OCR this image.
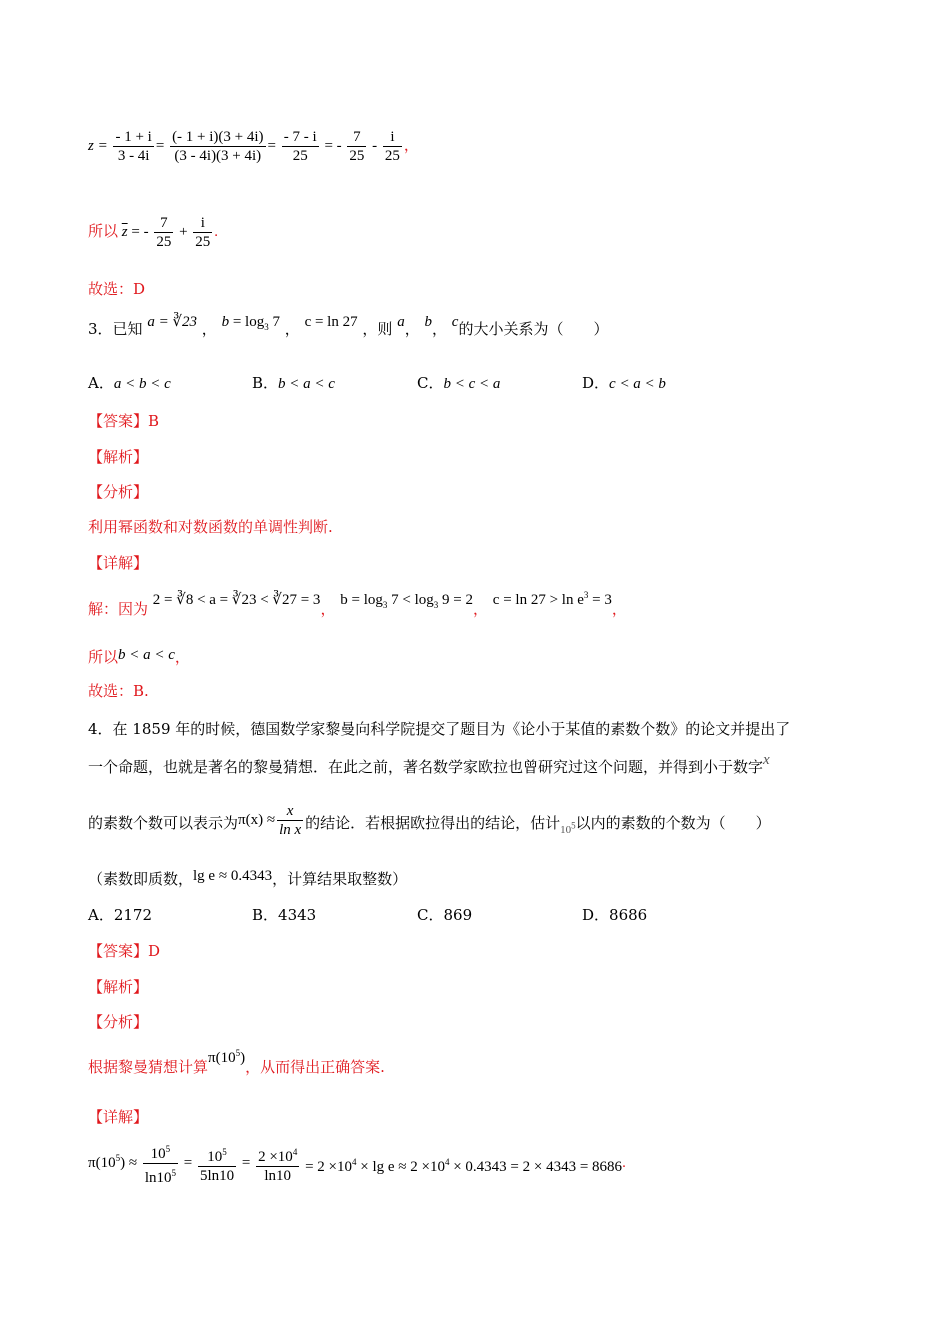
$z = \frac{- 1 + i}{3 - 4i} = \frac{(- 1 + i)(3 + 4i)}{(3 - 4i)(3 + 4i)} = \frac{- 7 - i}{25}$ = - $\frac{7}{25} - \frac{i}{25}$ ，
所以 $\overline{z}$ = - $\frac{7}{25} + \frac{i}{25}$ .
故选：D
3．已知 a = ∛23 ， $b = \log_3 7$ ， c = ln 27 ，则 a， b， c的大小关系为（　　）
A．a < b < c	B．b < a < c	C．b < c < a	D．c < a < b
【答案】B
【解析】
【分析】
利用幂函数和对数函数的单调性判断.
【详解】
解：因为 2 = ∛8 < a = ∛23 < ∛27 = 3， $b = \log_3 7 < \log_3 9 = 2$， $c = \ln 27 > \ln e^3 = 3$，
所以b < a < c，
故选：B.
4．在 1859 年的时候，德国数学家黎曼向科学院提交了题目为《论小于某值的素数个数》的论文并提出了
一个命题，也就是著名的黎曼猜想．在此之前，著名数学家欧拉也曾研究过这个问题，并得到小于数字x
的素数个数可以表示为$\pi(x) \approx \frac{x}{\text{ln x}}$ 的结论．若根据欧拉得出的结论，估计$_{10^5}$以内的素数的个数为（　　）
（素数即质数，lg e ≈ 0.4343，计算结果取整数）
A．2172	B．4343	C．869	D．8686
【答案】D
【解析】
【分析】
根据黎曼猜想计算$\pi(10^5)$，从而得出正确答案.
【详解】
$\pi(10^5) \approx \frac{10^5}{\ln 10^5} = \frac{10^5}{5\ln 10} = \frac{2 \times 10^4}{\ln 10} = 2 \times 10^4 \times \lg e \approx 2 \times 10^4 \times 0.4343 = 2 \times 4343 = 8686$.
